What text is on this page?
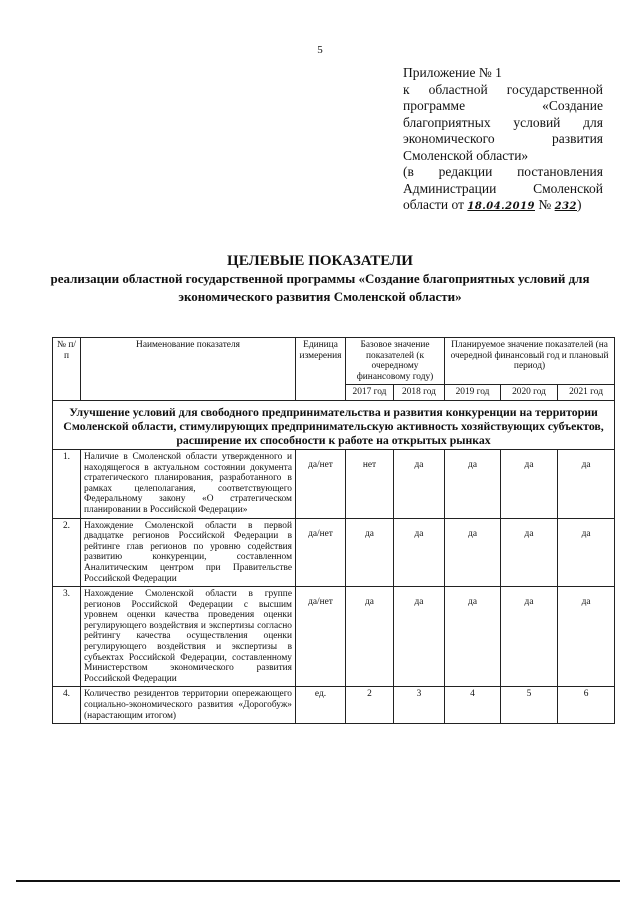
5
Приложение № 1
к областной государственной
программе «Создание
благоприятных условий для
экономического развития
Смоленской области»
(в редакции постановления
Администрации Смоленской
области от 18.04.2019 № 232)
ЦЕЛЕВЫЕ ПОКАЗАТЕЛИ
реализации областной государственной программы «Создание благоприятных условий для экономического развития Смоленской области»
№ п/п	Наименование показателя	Единица измерения	Базовое значение показателей (к очередному финансовому году)		Планируемое значение показателей (на очередной финансовый год и плановый период)		
			2017 год	2018 год	2019 год	2020 год	2021 год
Улучшение условий для свободного предпринимательства и развития конкуренции на территории Смоленской области, стимулирующих предпринимательскую активность хозяйствующих субъектов, расширение их способности к работе на открытых рынках							
1.	Наличие в Смоленской области утвержденного и находящегося в актуальном состоянии документа стратегического планирования, разработанного в рамках целеполагания, соответствующего Федеральному закону «О стратегическом планировании в Российской Федерации»	да/нет	нет	да	да	да	да
2.	Нахождение Смоленской области в первой двадцатке регионов Российской Федерации в рейтинге глав регионов по уровню содействия развитию конкуренции, составленном Аналитическим центром при Правительстве Российской Федерации	да/нет	да	да	да	да	да
3.	Нахождение Смоленской области в группе регионов Российской Федерации с высшим уровнем оценки качества проведения оценки регулирующего воздействия и экспертизы согласно рейтингу качества осуществления оценки регулирующего воздействия и экспертизы в субъектах Российской Федерации, составленному Министерством экономического развития Российской Федерации	да/нет	да	да	да	да	да
4.	Количество резидентов территории опережающего социально-экономического развития «Дорогобуж» (нарастающим итогом)	ед.	2	3	4	5	6
